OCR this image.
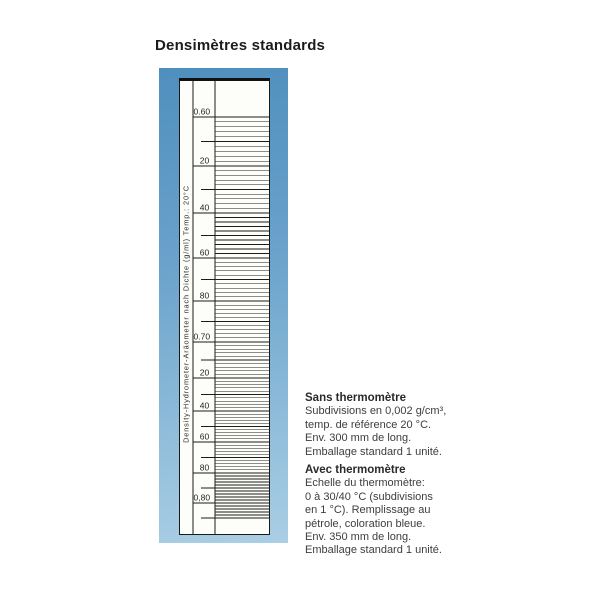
Densimètres standards
0.60
20
40
60
80
0.70
20
40
60
80
0,80
Density-Hydrometer-Aräometer nach Dichte (g/ml) Temp.: 20°C	Sans thermomètre
Subdivisions en 0,002 g/cm³,
temp. de référence 20 °C.
Env. 300 mm de long.
Emballage standard 1 unité.
Avec thermomètre
Echelle du thermomètre:
0 à 30/40 °C (subdivisions
en 1 °C). Remplissage au
pétrole, coloration bleue.
Env. 350 mm de long.
Emballage standard 1 unité.
